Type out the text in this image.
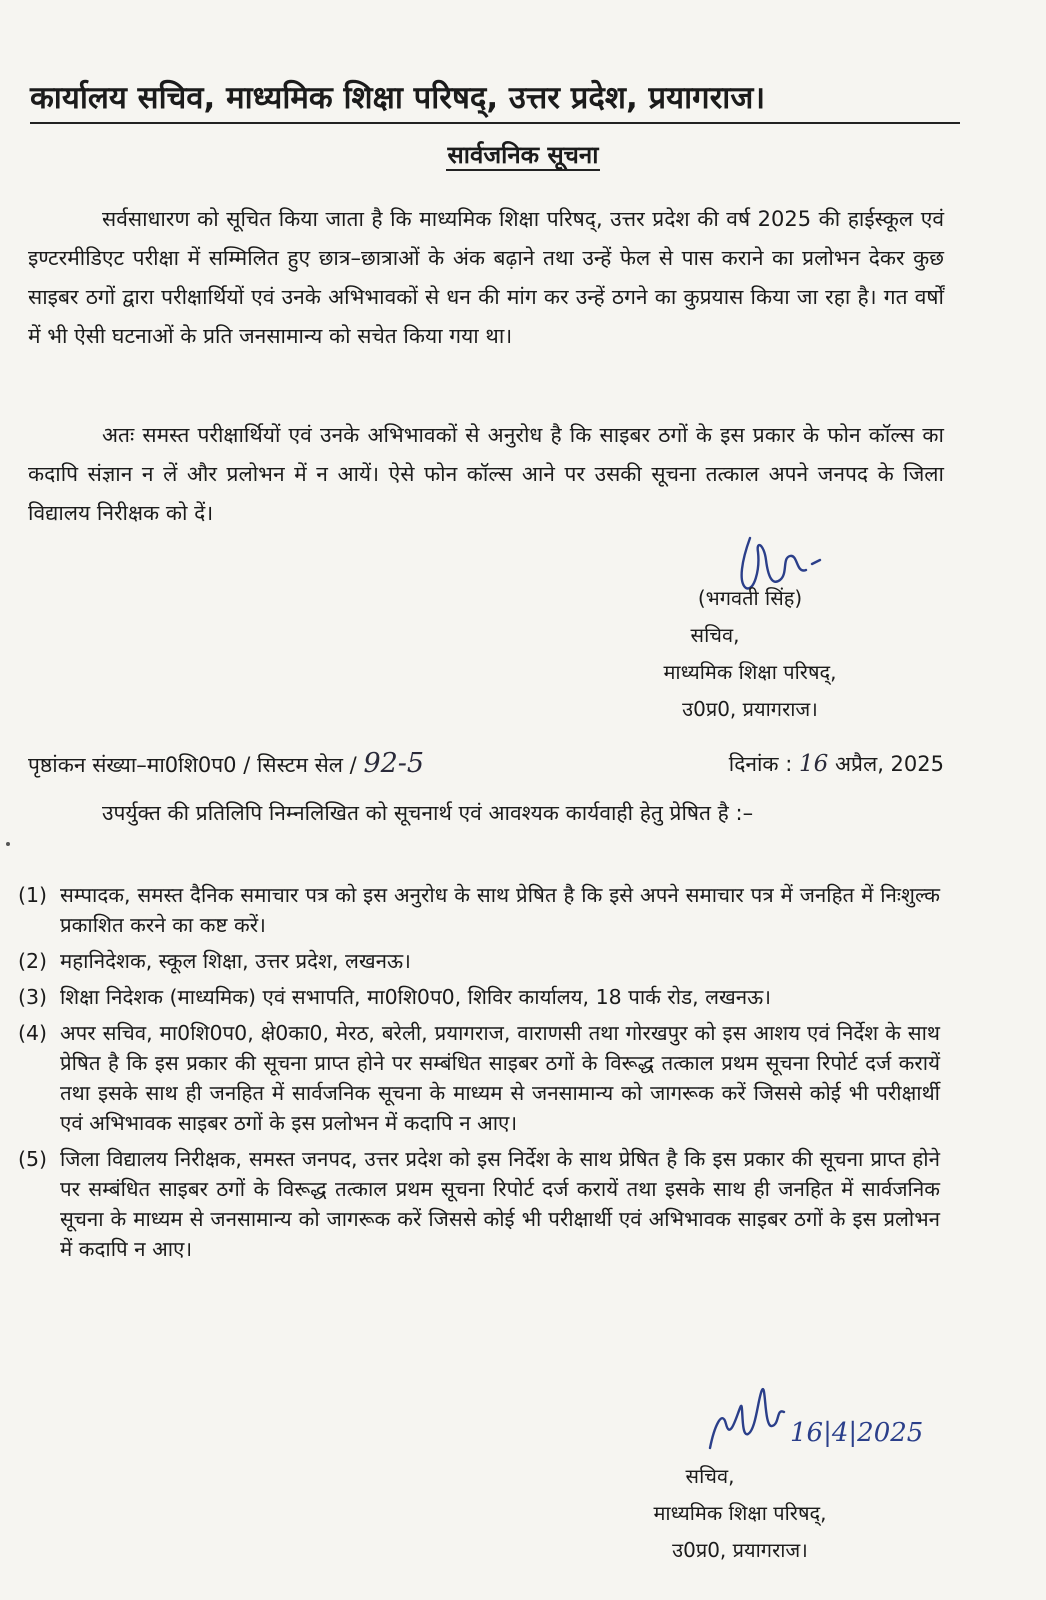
कार्यालय सचिव, माध्यमिक शिक्षा परिषद्, उत्तर प्रदेश, प्रयागराज।
सार्वजनिक सूचना
सर्वसाधारण को सूचित किया जाता है कि माध्यमिक शिक्षा परिषद्, उत्तर प्रदेश की वर्ष 2025 की हाईस्कूल एवं इण्टरमीडिएट परीक्षा में सम्मिलित हुए छात्र–छात्राओं के अंक बढ़ाने तथा उन्हें फेल से पास कराने का प्रलोभन देकर कुछ साइबर ठगों द्वारा परीक्षार्थियों एवं उनके अभिभावकों से धन की मांग कर उन्हें ठगने का कुप्रयास किया जा रहा है। गत वर्षों में भी ऐसी घटनाओं के प्रति जनसामान्य को सचेत किया गया था।
अतः समस्त परीक्षार्थियों एवं उनके अभिभावकों से अनुरोध है कि साइबर ठगों के इस प्रकार के फोन कॉल्स का कदापि संज्ञान न लें और प्रलोभन में न आयें। ऐसे फोन कॉल्स आने पर उसकी सूचना तत्काल अपने जनपद के जिला विद्यालय निरीक्षक को दें।
(भगवती सिंह)
सचिव,
माध्यमिक शिक्षा परिषद्,
उ0प्र0, प्रयागराज।
पृष्ठांकन संख्या–मा0शि0प0 / सिस्टम सेल / 92-5	दिनांक : 16 अप्रैल, 2025
उपर्युक्त की प्रतिलिपि निम्नलिखित को सूचनार्थ एवं आवश्यक कार्यवाही हेतु प्रेषित है :–
(1) सम्पादक, समस्त दैनिक समाचार पत्र को इस अनुरोध के साथ प्रेषित है कि इसे अपने समाचार पत्र में जनहित में निःशुल्क प्रकाशित करने का कष्ट करें।
(2) महानिदेशक, स्कूल शिक्षा, उत्तर प्रदेश, लखनऊ।
(3) शिक्षा निदेशक (माध्यमिक) एवं सभापति, मा0शि0प0, शिविर कार्यालय, 18 पार्क रोड, लखनऊ।
(4) अपर सचिव, मा0शि0प0, क्षे0का0, मेरठ, बरेली, प्रयागराज, वाराणसी तथा गोरखपुर को इस आशय एवं निर्देश के साथ प्रेषित है कि इस प्रकार की सूचना प्राप्त होने पर सम्बंधित साइबर ठगों के विरूद्ध तत्काल प्रथम सूचना रिपोर्ट दर्ज करायें तथा इसके साथ ही जनहित में सार्वजनिक सूचना के माध्यम से जनसामान्य को जागरूक करें जिससे कोई भी परीक्षार्थी एवं अभिभावक साइबर ठगों के इस प्रलोभन में कदापि न आए।
(5) जिला विद्यालय निरीक्षक, समस्त जनपद, उत्तर प्रदेश को इस निर्देश के साथ प्रेषित है कि इस प्रकार की सूचना प्राप्त होने पर सम्बंधित साइबर ठगों के विरूद्ध तत्काल प्रथम सूचना रिपोर्ट दर्ज करायें तथा इसके साथ ही जनहित में सार्वजनिक सूचना के माध्यम से जनसामान्य को जागरूक करें जिससे कोई भी परीक्षार्थी एवं अभिभावक साइबर ठगों के इस प्रलोभन में कदापि न आए।
16|4|2025
सचिव,
माध्यमिक शिक्षा परिषद्,
उ0प्र0, प्रयागराज।
